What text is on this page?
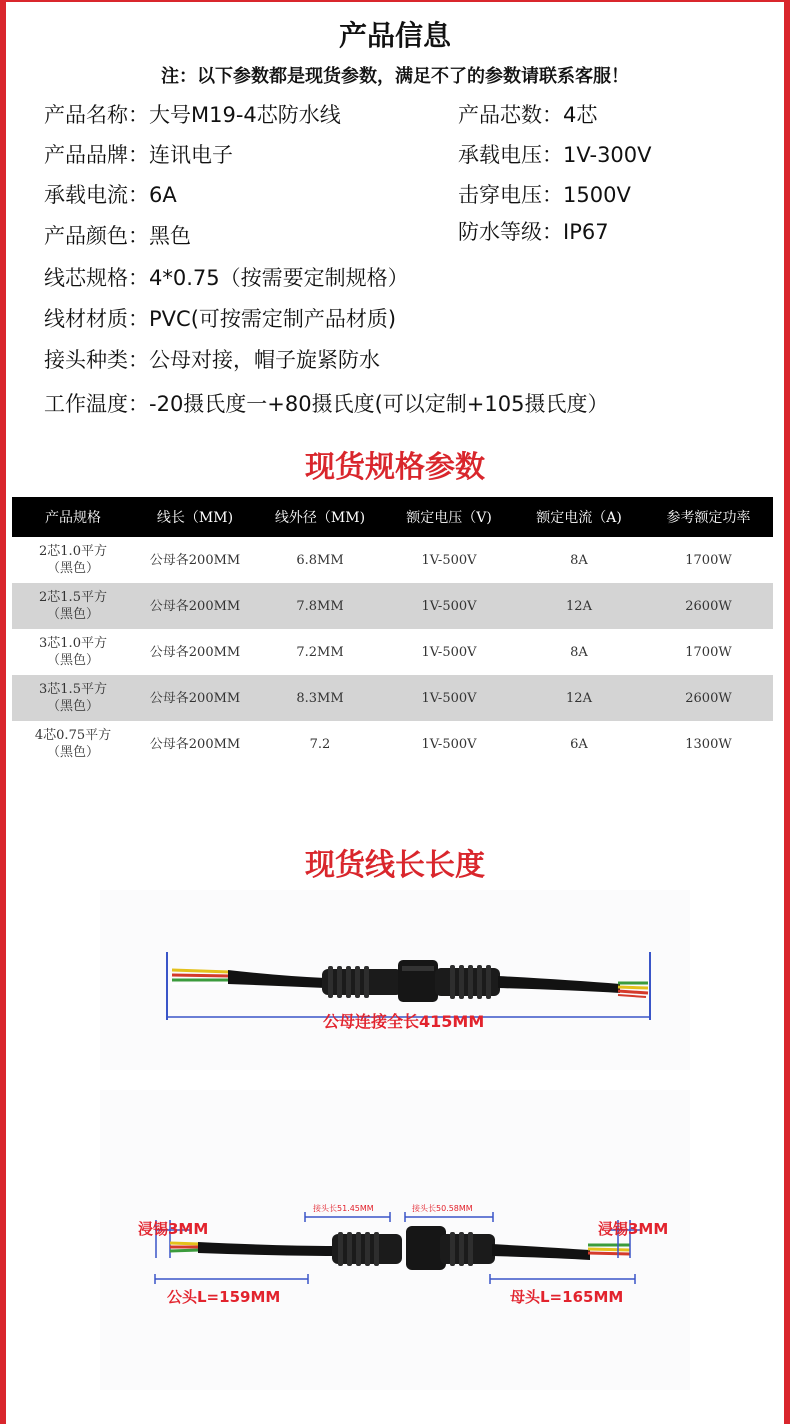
产品信息
注：以下参数都是现货参数，满足不了的参数请联系客服！
产品名称：大号M19-4芯防水线
产品品牌：连讯电子
承载电流：6A
产品颜色：黑色
线芯规格：4*0.75（按需要定制规格）
线材材质：PVC(可按需定制产品材质)
接头种类：公母对接，帽子旋紧防水
工作温度：-20摄氏度一+80摄氏度(可以定制+105摄氏度）
产品芯数：4芯
承载电压：1V-300V
击穿电压：1500V
防水等级：IP67
现货规格参数
产品规格	线长（MM)	线外径（MM)	额定电压（V)	额定电流（A)	参考额定功率
2芯1.0平方
（黑色）
公母各200MM	6.8MM	1V-500V	8A	1700W
2芯1.5平方
（黑色）
公母各200MM	7.8MM	1V-500V	12A	2600W
3芯1.0平方
（黑色）
公母各200MM	7.2MM	1V-500V	8A	1700W
3芯1.5平方
（黑色）
公母各200MM	8.3MM	1V-500V	12A	2600W
4芯0.75平方
（黑色）
公母各200MM	7.2	1V-500V	6A	1300W
现货线长长度
公母连接全长415MM
浸锡3MM	浸锡3MM
接头长51.45MM	接头长50.58MM
公头L=159MM	母头L=165MM
